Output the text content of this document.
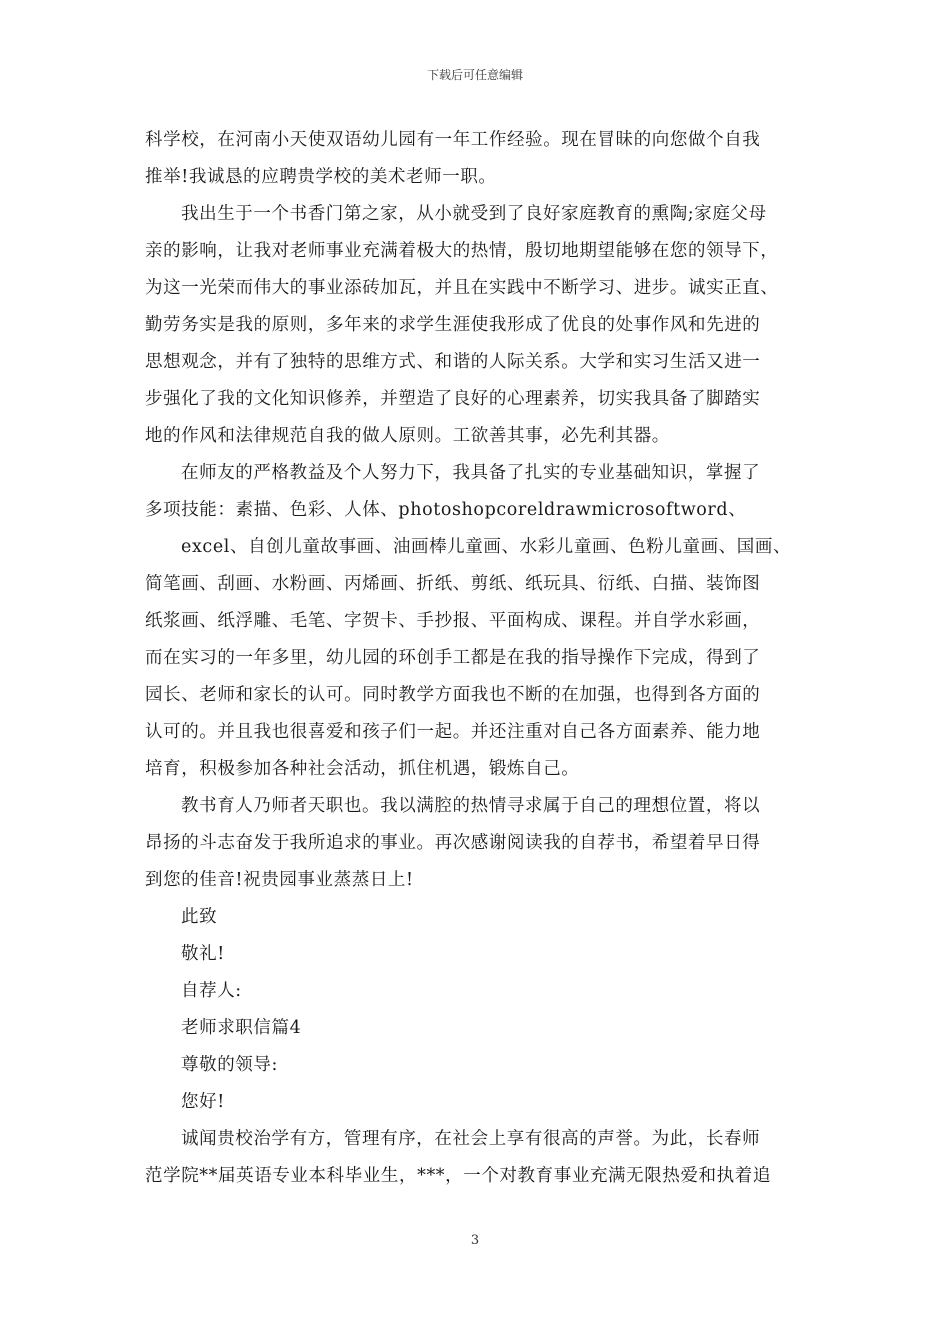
下载后可任意编辑
科学校，在河南小天使双语幼儿园有一年工作经验。现在冒昧的向您做个自我
推举!我诚恳的应聘贵学校的美术老师一职。
我出生于一个书香门第之家，从小就受到了良好家庭教育的熏陶;家庭父母
亲的影响，让我对老师事业充满着极大的热情，殷切地期望能够在您的领导下，
为这一光荣而伟大的事业添砖加瓦，并且在实践中不断学习、进步。诚实正直、
勤劳务实是我的原则，多年来的求学生涯使我形成了优良的处事作风和先进的
思想观念，并有了独特的思维方式、和谐的人际关系。大学和实习生活又进一
步强化了我的文化知识修养，并塑造了良好的心理素养，切实我具备了脚踏实
地的作风和法律规范自我的做人原则。工欲善其事，必先利其器。
在师友的严格教益及个人努力下，我具备了扎实的专业基础知识，掌握了
多项技能：素描、色彩、人体、photoshopcoreldrawmicrosoftword、
excel、自创儿童故事画、油画棒儿童画、水彩儿童画、色粉儿童画、国画、
简笔画、刮画、水粉画、丙烯画、折纸、剪纸、纸玩具、衍纸、白描、装饰图
纸浆画、纸浮雕、毛笔、字贺卡、手抄报、平面构成、课程。并自学水彩画，
而在实习的一年多里，幼儿园的环创手工都是在我的指导操作下完成，得到了
园长、老师和家长的认可。同时教学方面我也不断的在加强，也得到各方面的
认可的。并且我也很喜爱和孩子们一起。并还注重对自己各方面素养、能力地
培育，积极参加各种社会活动，抓住机遇，锻炼自己。
教书育人乃师者天职也。我以满腔的热情寻求属于自己的理想位置，将以
昂扬的斗志奋发于我所追求的事业。再次感谢阅读我的自荐书，希望着早日得
到您的佳音!祝贵园事业蒸蒸日上!
此致
敬礼!
自荐人:
老师求职信篇4
尊敬的领导:
您好!
诚闻贵校治学有方，管理有序，在社会上享有很高的声誉。为此，长春师
范学院**届英语专业本科毕业生，***，一个对教育事业充满无限热爱和执着追
3
